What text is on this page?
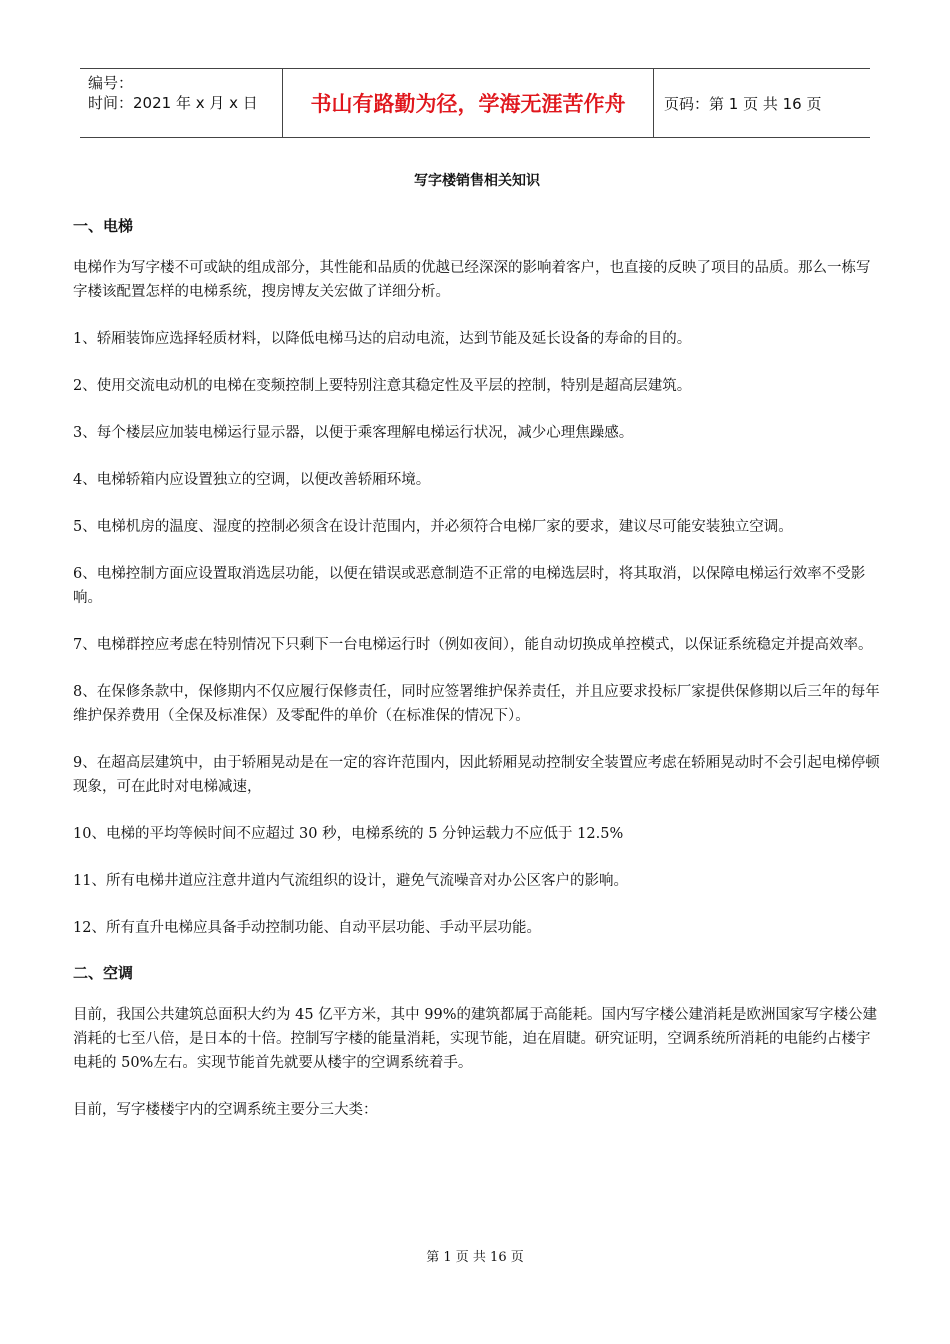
编号：
时间：2021 年 x 月 x 日	书山有路勤为径，学海无涯苦作舟	页码：第 1 页 共 16 页
写字楼销售相关知识
一、电梯

电梯作为写字楼不可或缺的组成部分，其性能和品质的优越已经深深的影响着客户，也直接的反映了项目的品质。那么一栋写字楼该配置怎样的电梯系统，搜房博友关宏做了详细分析。

1、轿厢装饰应选择轻质材料，以降低电梯马达的启动电流，达到节能及延长设备的寿命的目的。

2、使用交流电动机的电梯在变频控制上要特别注意其稳定性及平层的控制，特别是超高层建筑。

3、每个楼层应加装电梯运行显示器，以便于乘客理解电梯运行状况，减少心理焦躁感。

4、电梯轿箱内应设置独立的空调，以便改善轿厢环境。

5、电梯机房的温度、湿度的控制必须含在设计范围内，并必须符合电梯厂家的要求，建议尽可能安装独立空调。

6、电梯控制方面应设置取消选层功能，以便在错误或恶意制造不正常的电梯选层时，将其取消，以保障电梯运行效率不受影响。

7、电梯群控应考虑在特别情况下只剩下一台电梯运行时（例如夜间），能自动切换成单控模式，以保证系统稳定并提高效率。

8、在保修条款中，保修期内不仅应履行保修责任，同时应签署维护保养责任，并且应要求投标厂家提供保修期以后三年的每年维护保养费用（全保及标准保）及零配件的单价（在标准保的情况下）。

9、在超高层建筑中，由于轿厢晃动是在一定的容许范围内，因此轿厢晃动控制安全装置应考虑在轿厢晃动时不会引起电梯停顿现象，可在此时对电梯减速，

10、电梯的平均等候时间不应超过 30 秒，电梯系统的 5 分钟运载力不应低于 12.5%

11、所有电梯井道应注意井道内气流组织的设计，避免气流噪音对办公区客户的影响。

12、所有直升电梯应具备手动控制功能、自动平层功能、手动平层功能。

二、空调

目前，我国公共建筑总面积大约为 45 亿平方米，其中 99%的建筑都属于高能耗。国内写字楼公建消耗是欧洲国家写字楼公建消耗的七至八倍，是日本的十倍。控制写字楼的能量消耗，实现节能，迫在眉睫。研究证明，空调系统所消耗的电能约占楼宇电耗的 50%左右。实现节能首先就要从楼宇的空调系统着手。

目前，写字楼楼宇内的空调系统主要分三大类：

第 1 页 共 16 页
